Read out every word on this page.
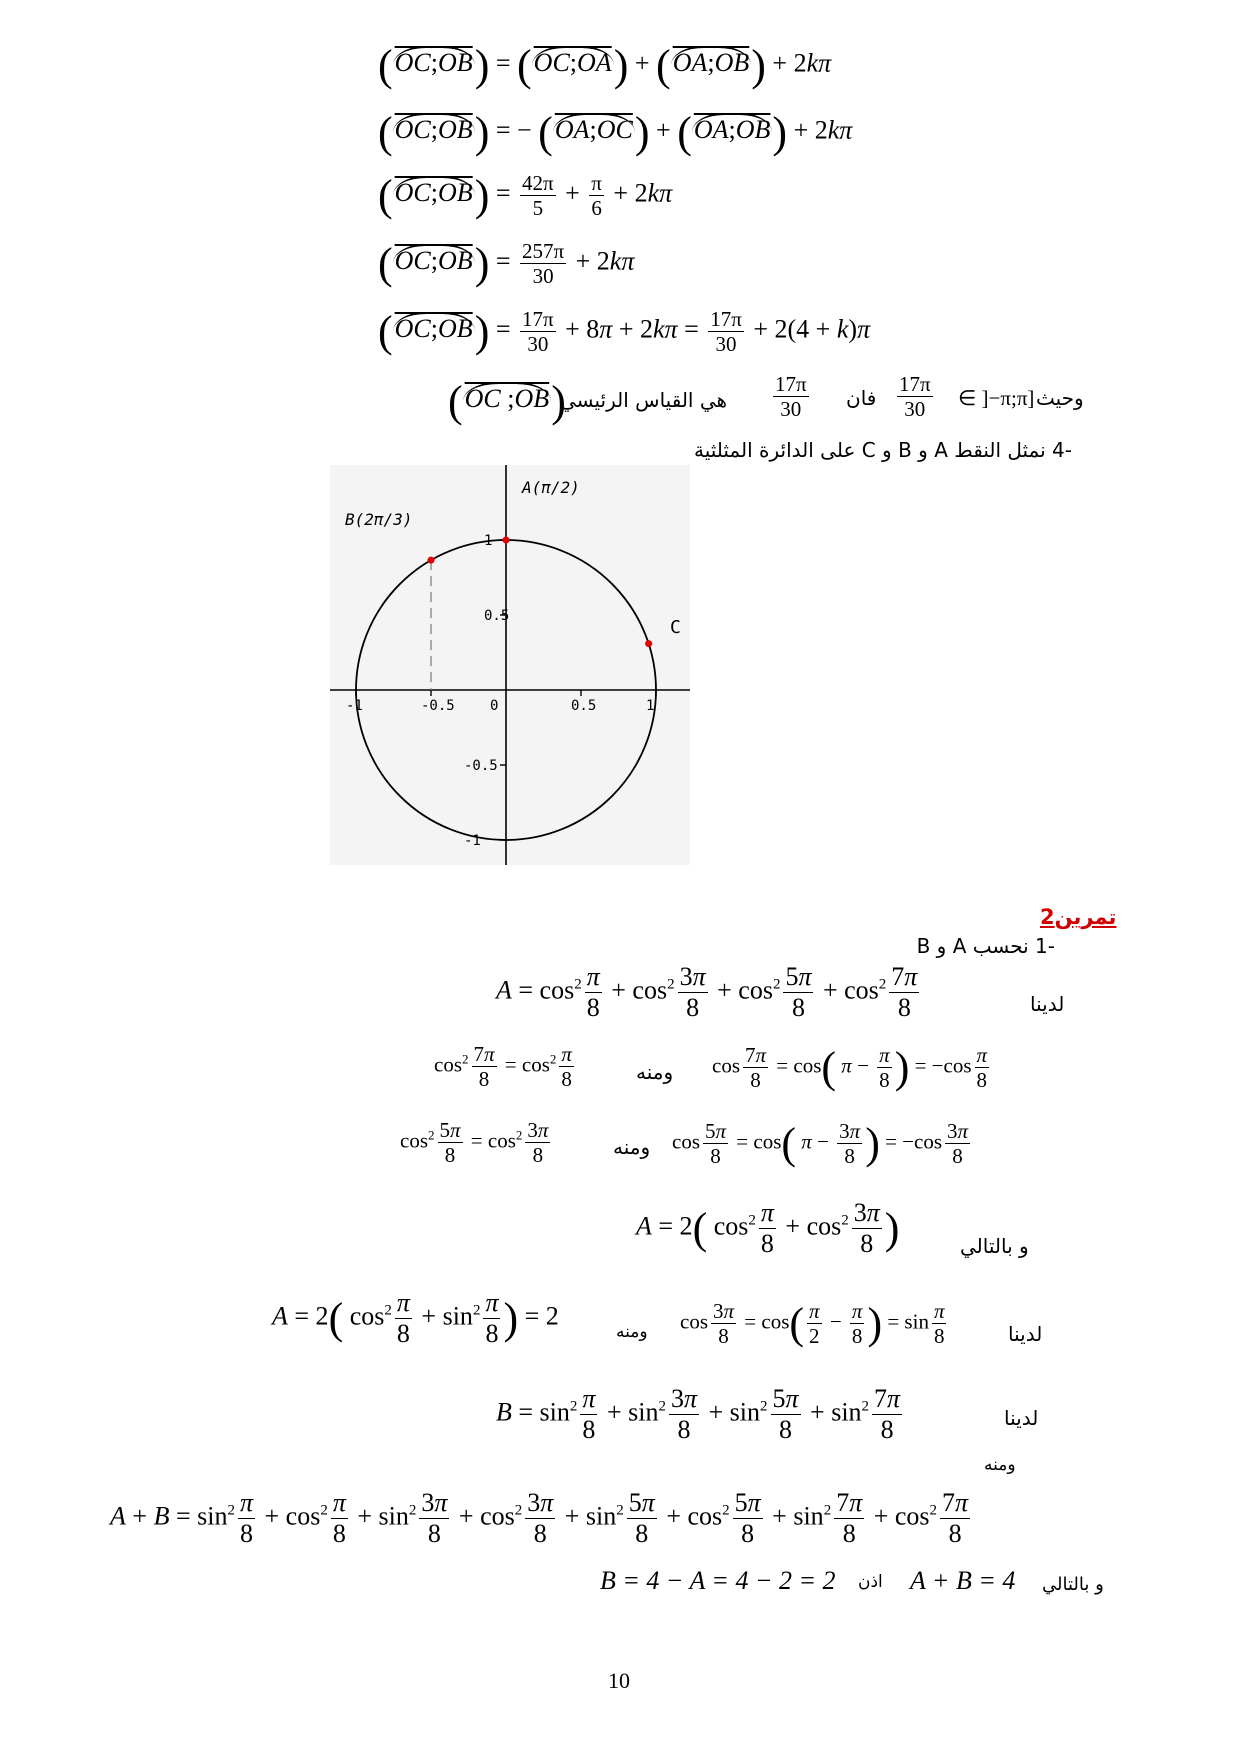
$(\overline{OC};\overline{OB})$ = $(\overline{OC};\overline{OA})$ + $(\overline{OA};\overline{OB}) + 2k\pi$
$(\overline{OC};\overline{OB})$ = − $(\overline{OA};\overline{OC})$ + $(\overline{OA};\overline{OB}) + 2k\pi$
$(\overline{OC};\overline{OB}) = \frac{42\pi}{5} + \frac{\pi}{6} + 2k\pi$
$(\overline{OC};\overline{OB}) = \frac{257\pi}{30} + 2k\pi$
$(\overline{OC};\overline{OB}) = \frac{17\pi}{30} + 8\pi + 2k\pi = \frac{17\pi}{30} + 2(4 + k)\pi$
($\overline{OC}$ $;\overline{OB}$)
هي القياس الرئيسي $\frac{17\pi}{30}$ فان $\frac{17\pi}{30}$ ∈ ]−π;π] وحيث
-4 نمثل النقط A و B و C على الدائرة المثلثية
-1	-0.5	0	0.5	1
1
0.5
-0.5
-1
C
A(π/2)
B(2π/3)
تمرين2
-1 نحسب A و B
$A = \cos^2 \frac{\pi}{8} + \cos^2 \frac{3\pi}{8} + \cos^2 \frac{5\pi}{8} + \cos^2 \frac{7\pi}{8}$	لدينا
$\cos^2 \frac{7\pi}{8} = \cos^2 \frac{\pi}{8}$	ومنه $\cos \frac{7\pi}{8} = \cos$( $\pi - \frac{\pi}{8}$ ) = $-\cos \frac{\pi}{8}$
$\cos^2 \frac{5\pi}{8} = \cos^2 \frac{3\pi}{8}$	ومنه $\cos \frac{5\pi}{8} = \cos$( $\pi - \frac{3\pi}{8}$ ) = $-\cos \frac{3\pi}{8}$
A = 2( $\cos^2 \frac{\pi}{8} + \cos^2 \frac{3\pi}{8}$ )	و بالتالي
A = 2( $\cos^2 \frac{\pi}{8} + \sin^2 \frac{\pi}{8}$ ) = 2
ومنه $\cos \frac{3\pi}{8} = \cos( \frac{\pi}{2} - \frac{\pi}{8}$ ) = $\sin \frac{\pi}{8}$	لدينا
$B = \sin^2 \frac{\pi}{8} + \sin^2 \frac{3\pi}{8} + \sin^2 \frac{5\pi}{8} + \sin^2 \frac{7\pi}{8}$	لدينا
ومنه
$A + B = \sin^2 \frac{\pi}{8} + \cos^2 \frac{\pi}{8} + \sin^2 \frac{3\pi}{8} + \cos^2 \frac{3\pi}{8} + \sin^2 \frac{5\pi}{8} + \cos^2 \frac{5\pi}{8} + \sin^2 \frac{7\pi}{8} + \cos^2 \frac{7\pi}{8}$
B = 4 − A = 4 − 2 = 2 اذن A + B = 4 و بالتالي
10
